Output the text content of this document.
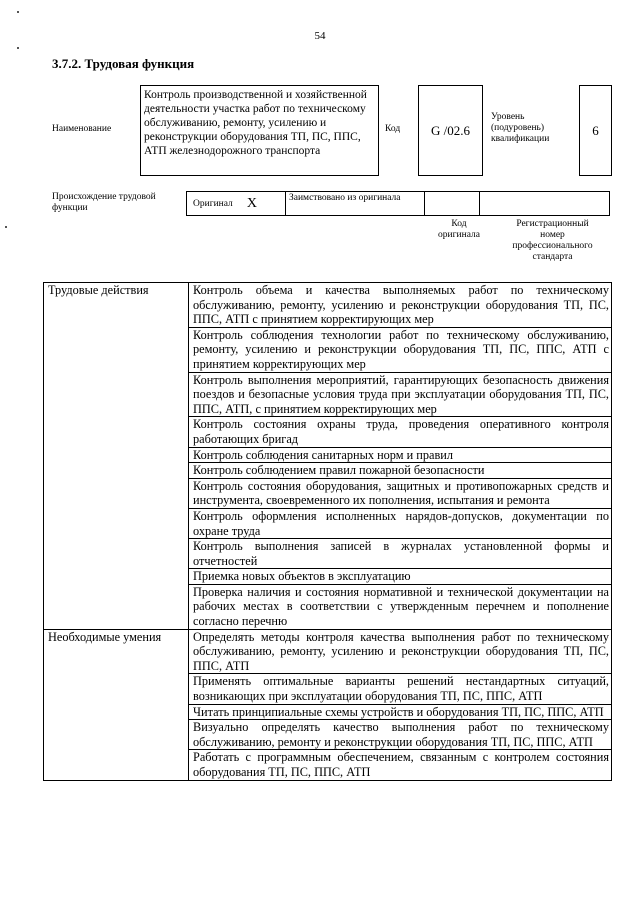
54
3.7.2. Трудовая функция
Наименование
Контроль производственной и хозяйственной деятельности участка работ по техническому обслуживанию, ремонту, усилению и реконструкции оборудования ТП, ПС, ППС, АТП железнодорожного транспорта
Код	G /02.6
Уровень (подуровень) квалификации
6
Происхождение трудовой функции	Оригинал X	Заимствовано из оригинала
Код оригинала
Регистрационный номер профессионального стандарта
Трудовые действия	Контроль объема и качества выполняемых работ по техническому обслуживанию, ремонту, усилению и реконструкции оборудования ТП, ПС, ППС, АТП с принятием корректирующих мер
	Контроль соблюдения технологии работ по техническому обслуживанию, ремонту, усилению и реконструкции оборудования ТП, ПС, ППС, АТП с принятием корректирующих мер
	Контроль выполнения мероприятий, гарантирующих безопасность движения поездов и безопасные условия труда при эксплуатации оборудования ТП, ПС, ППС, АТП, с принятием корректирующих мер
	Контроль состояния охраны труда, проведения оперативного контроля работающих бригад
	Контроль соблюдения санитарных норм и правил
	Контроль соблюдением правил пожарной безопасности
	Контроль состояния оборудования, защитных и противопожарных средств и инструмента, своевременного их пополнения, испытания и ремонта
	Контроль оформления исполненных нарядов-допусков, документации по охране труда
	Контроль выполнения записей в журналах установленной формы и отчетностей
	Приемка новых объектов в эксплуатацию
	Проверка наличия и состояния нормативной и технической документации на рабочих местах в соответствии с утвержденным перечнем и пополнение согласно перечню
Необходимые умения	Определять методы контроля качества выполнения работ по техническому обслуживанию, ремонту, усилению и реконструкции оборудования ТП, ПС, ППС, АТП
	Применять оптимальные варианты решений нестандартных ситуаций, возникающих при эксплуатации оборудования ТП, ПС, ППС, АТП
	Читать принципиальные схемы устройств и оборудования ТП, ПС, ППС, АТП
	Визуально определять качество выполнения работ по техническому обслуживанию, ремонту и реконструкции оборудования ТП, ПС, ППС, АТП
	Работать с программным обеспечением, связанным с контролем состояния оборудования ТП, ПС, ППС, АТП
